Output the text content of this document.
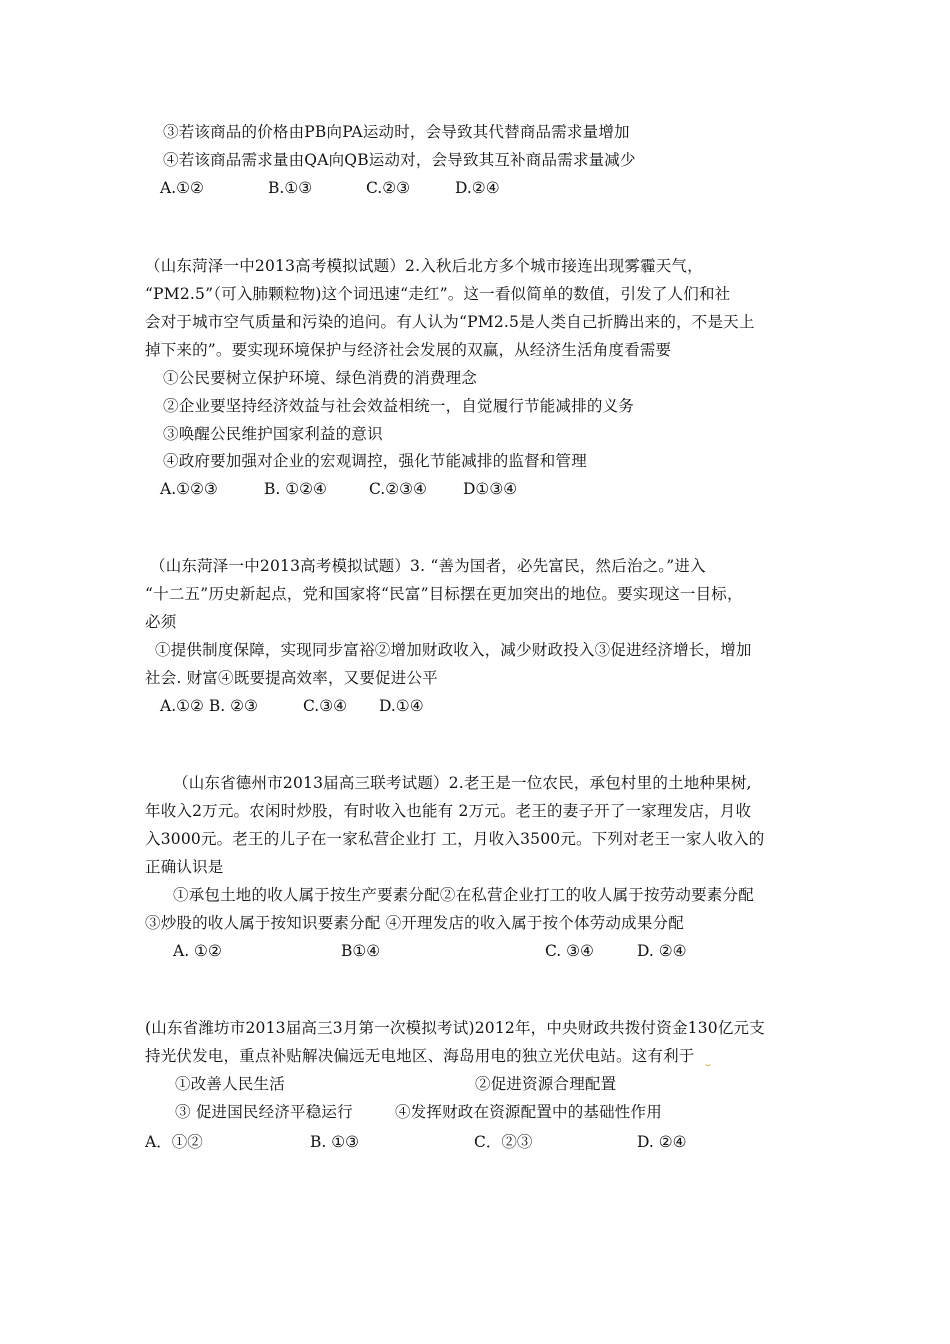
③若该商品的价格由PB向PA运动时，会导致其代替商品需求量增加
④若该商品需求量由QA向QB运动对，会导致其互补商品需求量减少
A.①②	B.①③	C.②③	D.②④
（山东菏泽一中2013高考模拟试题）2.入秋后北方多个城市接连出现雾霾天气，
“PM2.5”（可入肺颗粒物)这个词迅速“走红”。这一看似简单的数值，引发了人们和社
会对于城市空气质量和污染的追问。有人认为“PM2.5是人类自己折腾出来的，不是天上
掉下来的”。要实现环境保护与经济社会发展的双赢，从经济生活角度看需要
①公民要树立保护环境、绿色消费的消费理念
②企业要坚持经济效益与社会效益相统一，自觉履行节能减排的义务
③唤醒公民维护国家利益的意识
④政府要加强对企业的宏观调控，强化节能减排的监督和管理
A.①②③	B. ①②④	C.②③④ D①③④
（山东菏泽一中2013高考模拟试题）3. “善为国者，必先富民，然后治之。”进入
“十二五”历史新起点，党和国家将“民富”目标摆在更加突出的地位。要实现这一目标，
必须
①提供制度保障，实现同步富裕②增加财政收入，减少财政投入③促进经济增长，增加
社会. 财富④既要提高效率，又要促进公平
A.①② B. ②③	C.③④ D.①④
（山东省德州市2013届高三联考试题）2.老王是一位农民，承包村里的土地种果树,
年收入2万元。农闲时炒股，有时收入也能有 2万元。老王的妻子开了一家理发店，月收
入3000元。老王的儿子在一家私营企业打 工，月收入3500元。下列对老王一家人收入的
正确认识是
①承包土地的收人属于按生产要素分配②在私营企业打工的收人属于按劳动要素分配
③炒股的收人属于按知识要素分配 ④开理发店的收入属于按个体劳动成果分配
A. ①②	B①④	C. ③④	D. ②④
(山东省潍坊市2013届高三3月第一次模拟考试)2012年，中央财政共拨付资金130亿元支
持光伏发电，重点补贴解决偏远无电地区、海岛用电的独立光伏电站。这有利于
①改善人民生活	②促进资源合理配置
③ 促进国民经济平稳运行	④发挥财政在资源配置中的基础性作用
A．①②	B. ①③	C．②③	D. ②④
